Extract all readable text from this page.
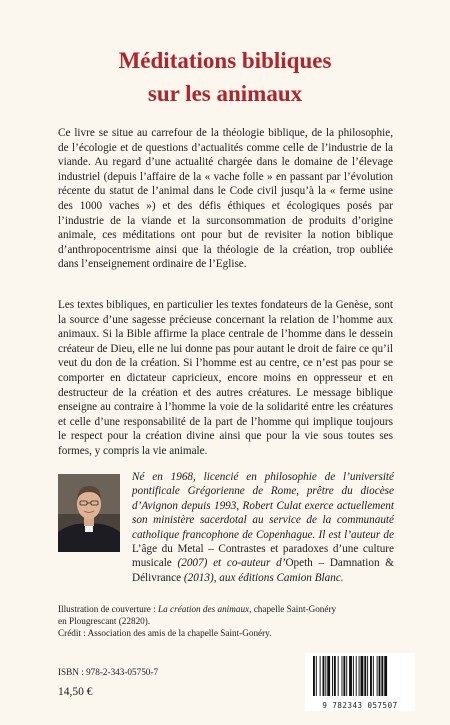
Méditations bibliques
sur les animaux

Ce livre se situe au carrefour de la théologie biblique, de la philosophie, de l’écologie et de questions d’actualités comme celle de l’industrie de la viande. Au regard d’une actualité chargée dans le domaine de l’élevage industriel (depuis l’affaire de la « vache folle » en passant par l’évolution récente du statut de l’animal dans le Code civil jusqu’à la « ferme usine des 1000 vaches ») et des défis éthiques et écologiques posés par l’industrie de la viande et la surconsommation de produits d’origine animale, ces méditations ont pour but de revisiter la notion biblique d’anthropocentrisme ainsi que la théologie de la création, trop oubliée dans l’enseignement ordinaire de l’Eglise.

Les textes bibliques, en particulier les textes fondateurs de la Genèse, sont la source d’une sagesse précieuse concernant la relation de l’homme aux animaux. Si la Bible affirme la place centrale de l’homme dans le dessein créateur de Dieu, elle ne lui donne pas pour autant le droit de faire ce qu’il veut du don de la création. Si l’homme est au centre, ce n’est pas pour se comporter en dictateur capricieux, encore moins en oppresseur et en destructeur de la création et des autres créatures. Le message biblique enseigne au contraire à l’homme la voie de la solidarité entre les créatures et celle d’une responsabilité de la part de l’homme qui implique toujours le respect pour la création divine ainsi que pour la vie sous toutes ses formes, y compris la vie animale.

Né en 1968, licencié en philosophie de l’université pontificale Grégorienne de Rome, prêtre du diocèse d’Avignon depuis 1993, Robert Culat exerce actuellement son ministère sacerdotal au service de la communauté catholique francophone de Copenhague. Il est l’auteur de L’âge du Metal – Contrastes et paradoxes d’une culture musicale (2007) et co-auteur d’Opeth – Damnation & Délivrance (2013), aux éditions Camion Blanc.

Illustration de couverture : La création des animaux, chapelle Saint-Gonéry en Plougrescant (22820).
Crédit : Association des amis de la chapelle Saint-Gonéry.

ISBN : 978-2-343-05750-7
14,50 €
9 782343 057507
